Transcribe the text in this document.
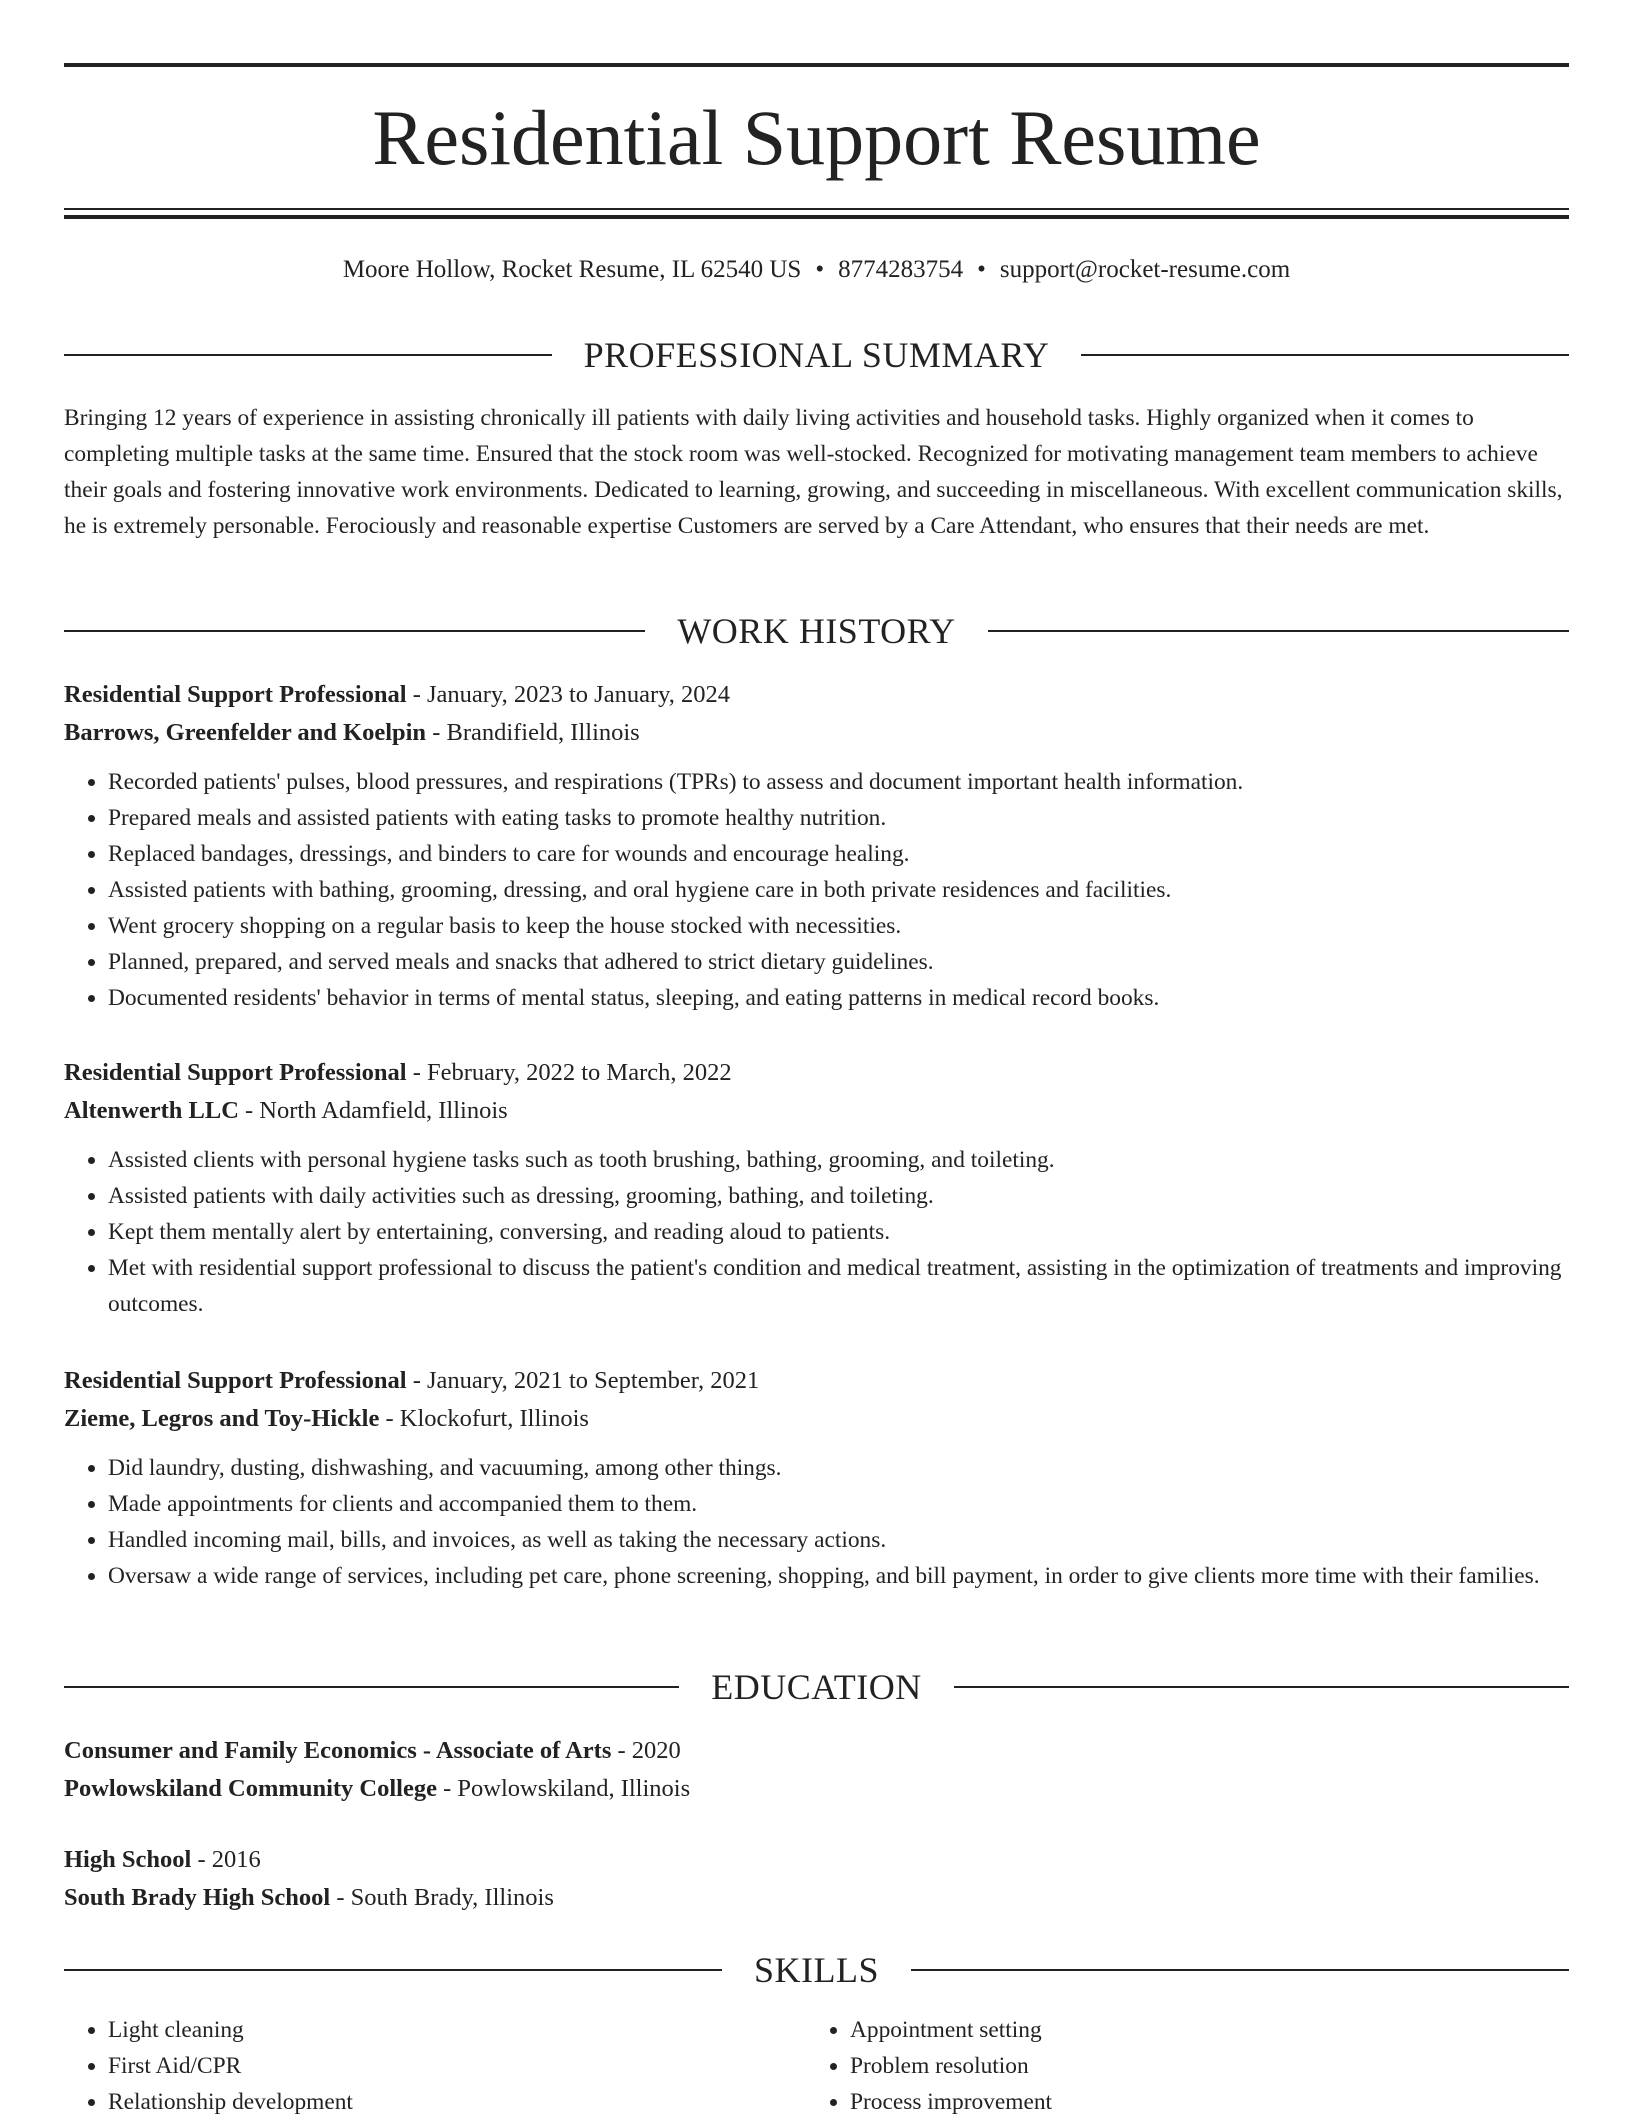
Residential Support Resume
Moore Hollow, Rocket Resume, IL 62540 US • 8774283754 • support@rocket-resume.com
PROFESSIONAL SUMMARY

Bringing 12 years of experience in assisting chronically ill patients with daily living activities and household tasks. Highly organized when it comes to completing multiple tasks at the same time. Ensured that the stock room was well-stocked. Recognized for motivating management team members to achieve their goals and fostering innovative work environments. Dedicated to learning, growing, and succeeding in miscellaneous. With excellent communication skills, he is extremely personable. Ferociously and reasonable expertise Customers are served by a Care Attendant, who ensures that their needs are met.

WORK HISTORY
Residential Support Professional - January, 2023 to January, 2024
Barrows, Greenfelder and Koelpin - Brandifield, Illinois
• Recorded patients' pulses, blood pressures, and respirations (TPRs) to assess and document important health information.
• Prepared meals and assisted patients with eating tasks to promote healthy nutrition.
• Replaced bandages, dressings, and binders to care for wounds and encourage healing.
• Assisted patients with bathing, grooming, dressing, and oral hygiene care in both private residences and facilities.
• Went grocery shopping on a regular basis to keep the house stocked with necessities.
• Planned, prepared, and served meals and snacks that adhered to strict dietary guidelines.
• Documented residents' behavior in terms of mental status, sleeping, and eating patterns in medical record books.
Residential Support Professional - February, 2022 to March, 2022
Altenwerth LLC - North Adamfield, Illinois
• Assisted clients with personal hygiene tasks such as tooth brushing, bathing, grooming, and toileting.
• Assisted patients with daily activities such as dressing, grooming, bathing, and toileting.
• Kept them mentally alert by entertaining, conversing, and reading aloud to patients.
• Met with residential support professional to discuss the patient's condition and medical treatment, assisting in the optimization of treatments and improving outcomes.
Residential Support Professional - January, 2021 to September, 2021
Zieme, Legros and Toy-Hickle - Klockofurt, Illinois
• Did laundry, dusting, dishwashing, and vacuuming, among other things.
• Made appointments for clients and accompanied them to them.
• Handled incoming mail, bills, and invoices, as well as taking the necessary actions.
• Oversaw a wide range of services, including pet care, phone screening, shopping, and bill payment, in order to give clients more time with their families.
EDUCATION
Consumer and Family Economics - Associate of Arts - 2020
Powlowskiland Community College - Powlowskiland, Illinois
High School - 2016
South Brady High School - South Brady, Illinois
SKILLS
• Light cleaning
• First Aid/CPR
• Relationship development
• Appointment setting
• Problem resolution
• Process improvement
